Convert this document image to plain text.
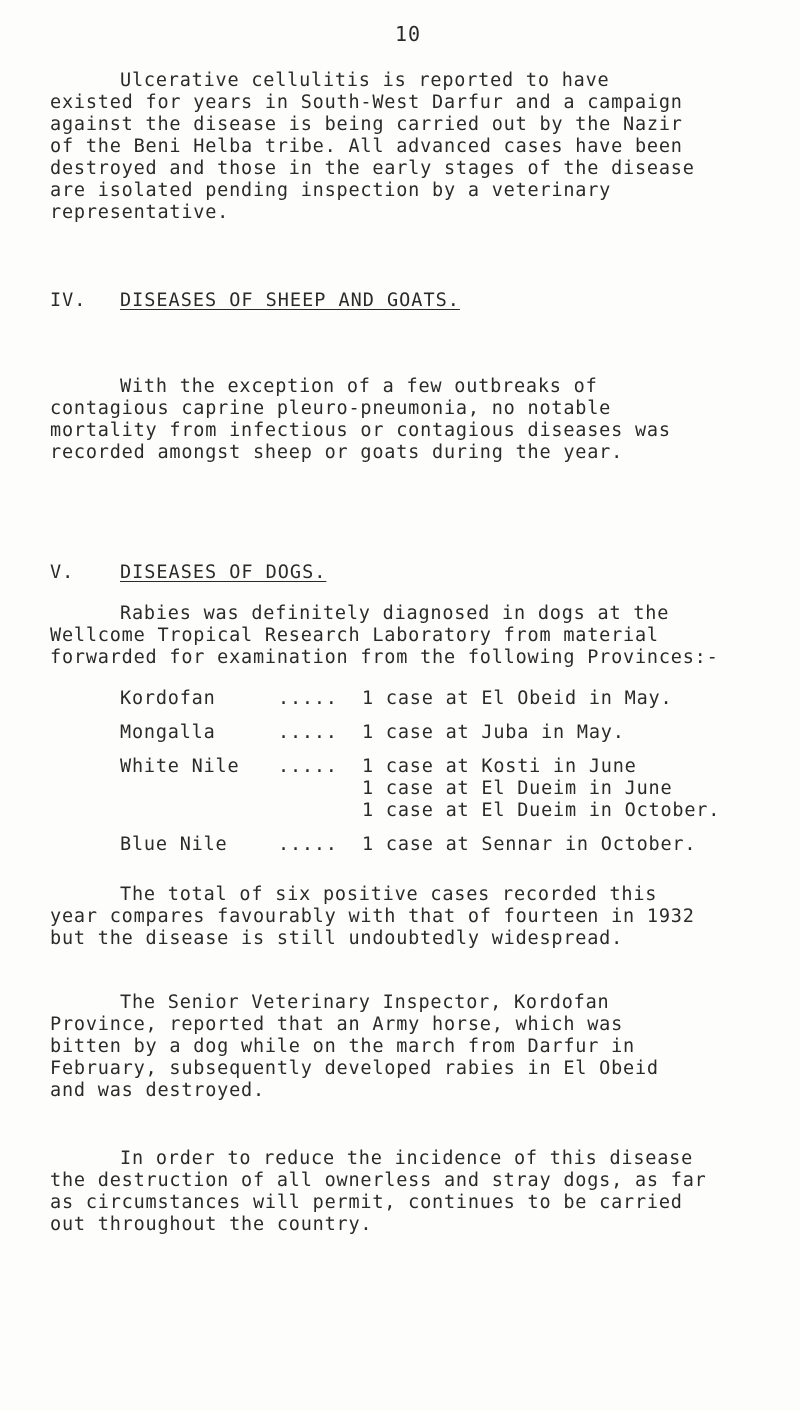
10

Ulcerative cellulitis is reported to have
existed for years in South-West Darfur and a campaign
against the disease is being carried out by the Nazir
of the Beni Helba tribe. All advanced cases have been
destroyed and those in the early stages of the disease
are isolated pending inspection by a veterinary
representative.

IV. DISEASES OF SHEEP AND GOATS.

With the exception of a few outbreaks of
contagious caprine pleuro-pneumonia, no notable
mortality from infectious or contagious diseases was
recorded amongst sheep or goats during the year.

V. DISEASES OF DOGS.

Rabies was definitely diagnosed in dogs at the
Wellcome Tropical Research Laboratory from material
forwarded for examination from the following Provinces:-

Kordofan	..... 1 case at El Obeid in May.
Mongalla	..... 1 case at Juba in May.
White Nile ..... 1 case at Kosti in June
1 case at El Dueim in June
1 case at El Dueim in October.
Blue Nile	..... 1 case at Sennar in October.

The total of six positive cases recorded this
year compares favourably with that of fourteen in 1932
but the disease is still undoubtedly widespread.

The Senior Veterinary Inspector, Kordofan
Province, reported that an Army horse, which was
bitten by a dog while on the march from Darfur in
February, subsequently developed rabies in El Obeid
and was destroyed.

In order to reduce the incidence of this disease
the destruction of all ownerless and stray dogs, as far
as circumstances will permit, continues to be carried
out throughout the country.
